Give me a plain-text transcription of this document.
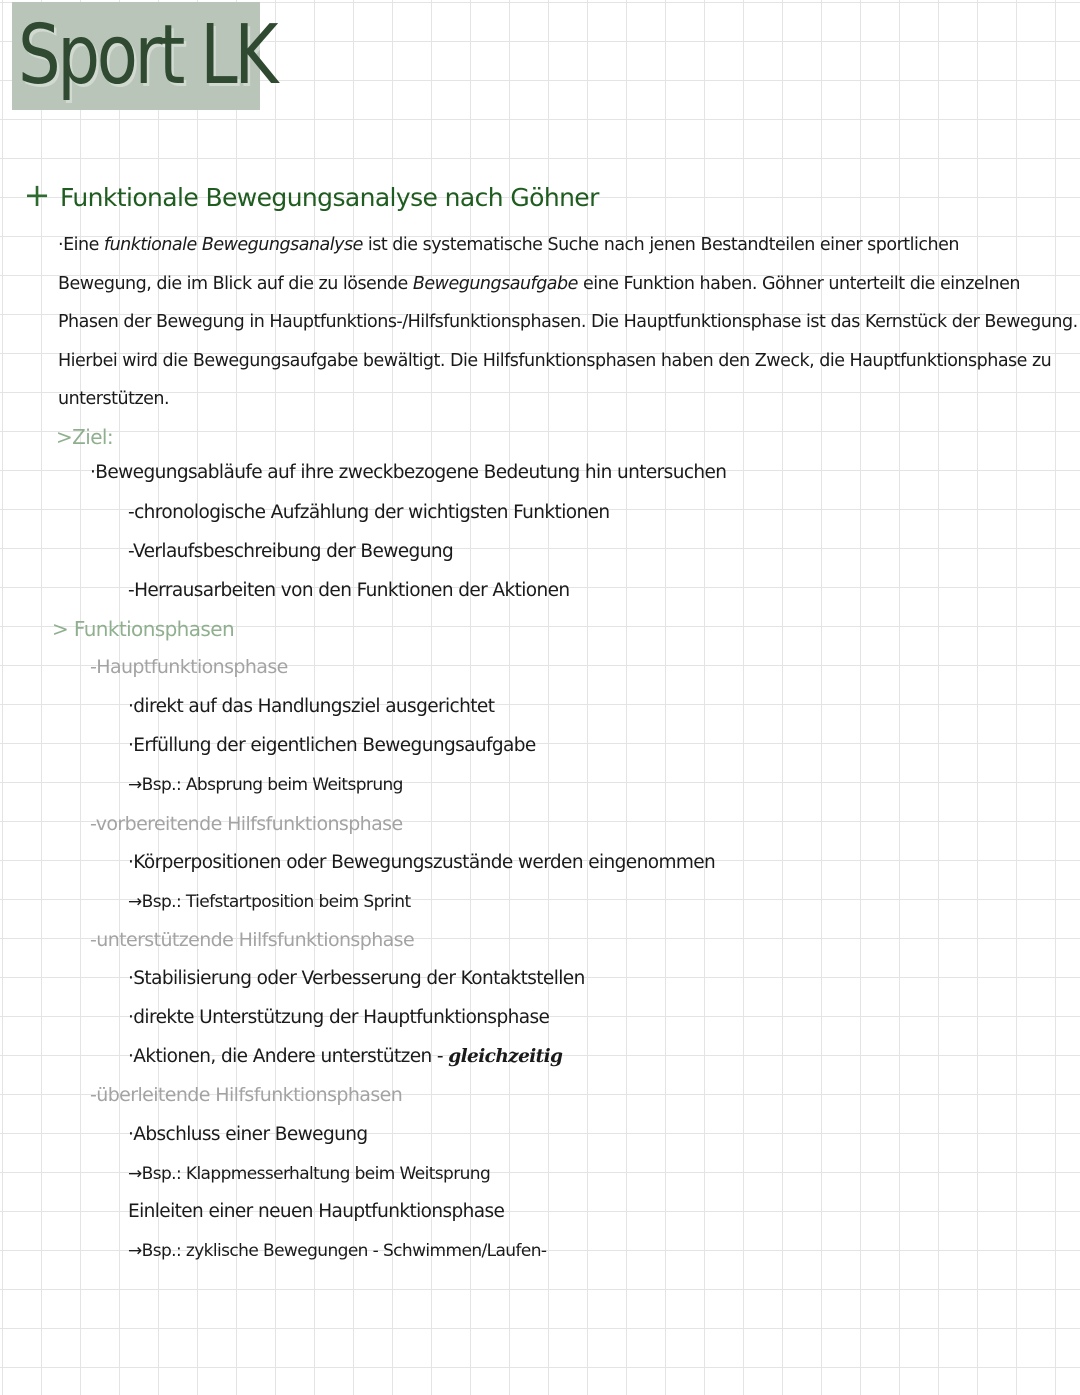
Sport LK
+ Funktionale Bewegungsanalyse nach Göhner
·Eine funktionale Bewegungsanalyse ist die systematische Suche nach jenen Bestandteilen einer sportlichen
Bewegung, die im Blick auf die zu lösende Bewegungsaufgabe eine Funktion haben. Göhner unterteilt die einzelnen
Phasen der Bewegung in Hauptfunktions-/Hilfsfunktionsphasen. Die Hauptfunktionsphase ist das Kernstück der Bewegung.
Hierbei wird die Bewegungsaufgabe bewältigt. Die Hilfsfunktionsphasen haben den Zweck, die Hauptfunktionsphase zu
unterstützen.
>Ziel:
·Bewegungsabläufe auf ihre zweckbezogene Bedeutung hin untersuchen
-chronologische Aufzählung der wichtigsten Funktionen
-Verlaufsbeschreibung der Bewegung
-Herrausarbeiten von den Funktionen der Aktionen
> Funktionsphasen
-Hauptfunktionsphase
·direkt auf das Handlungsziel ausgerichtet
·Erfüllung der eigentlichen Bewegungsaufgabe
→Bsp.: Absprung beim Weitsprung
-vorbereitende Hilfsfunktionsphase
·Körperpositionen oder Bewegungszustände werden eingenommen
→Bsp.: Tiefstartposition beim Sprint
-unterstützende Hilfsfunktionsphase
·Stabilisierung oder Verbesserung der Kontaktstellen
·direkte Unterstützung der Hauptfunktionsphase
·Aktionen, die Andere unterstützen - gleichzeitig
-überleitende Hilfsfunktionsphasen
·Abschluss einer Bewegung
→Bsp.: Klappmesserhaltung beim Weitsprung
Einleiten einer neuen Hauptfunktionsphase
→Bsp.: zyklische Bewegungen - Schwimmen/Laufen-
